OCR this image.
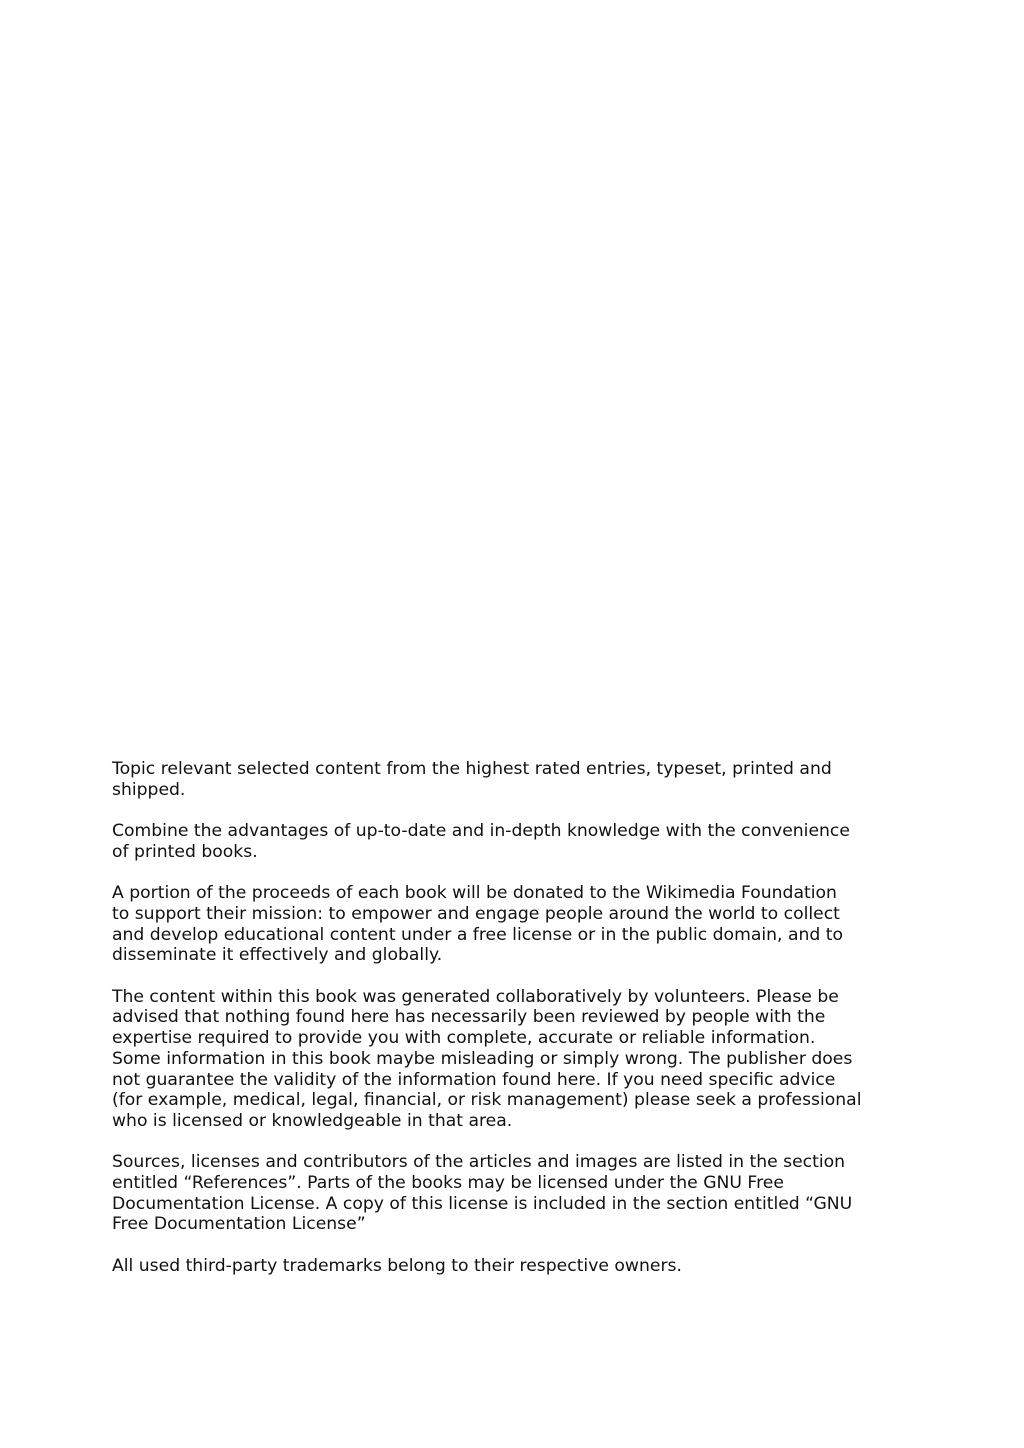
Topic relevant selected content from the highest rated entries, typeset, printed and
shipped.

Combine the advantages of up-to-date and in-depth knowledge with the convenience
of printed books.

A portion of the proceeds of each book will be donated to the Wikimedia Foundation
to support their mission: to empower and engage people around the world to collect
and develop educational content under a free license or in the public domain, and to
disseminate it effectively and globally.

The content within this book was generated collaboratively by volunteers. Please be
advised that nothing found here has necessarily been reviewed by people with the
expertise required to provide you with complete, accurate or reliable information.
Some information in this book maybe misleading or simply wrong. The publisher does
not guarantee the validity of the information found here. If you need specific advice
(for example, medical, legal, financial, or risk management) please seek a professional
who is licensed or knowledgeable in that area.

Sources, licenses and contributors of the articles and images are listed in the section
entitled “References”. Parts of the books may be licensed under the GNU Free
Documentation License. A copy of this license is included in the section entitled “GNU
Free Documentation License”

All used third-party trademarks belong to their respective owners.
